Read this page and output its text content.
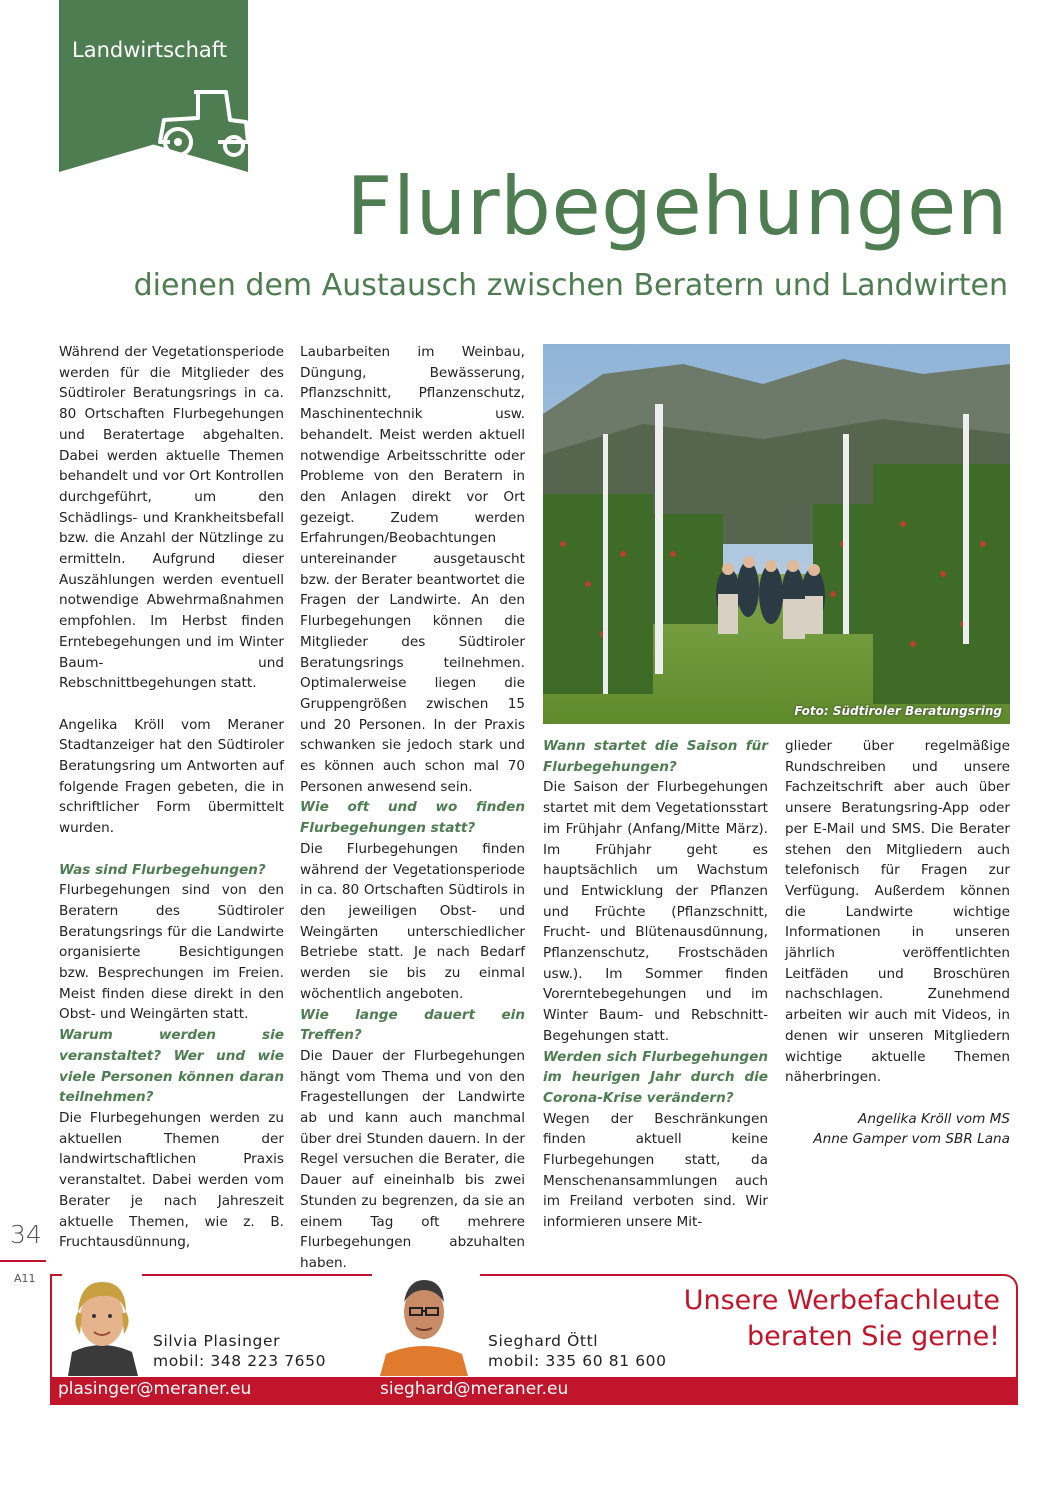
Landwirtschaft
Flurbegehungen
dienen dem Austausch zwischen Beratern und Landwirten

Während der Vegetationsperiode werden für die Mitglieder des Südtiroler Beratungsrings in ca. 80 Ortschaften Flurbegehungen und Beratertage abgehalten. Dabei werden aktuelle Themen behandelt und vor Ort Kontrollen durchgeführt, um den Schädlings- und Krankheitsbefall bzw. die Anzahl der Nützlinge zu ermitteln. Aufgrund dieser Auszählungen werden eventuell notwendige Abwehrmaßnahmen empfohlen. Im Herbst finden Erntebegehungen und im Winter Baum- und Rebschnittbegehungen statt.

Angelika Kröll vom Meraner Stadtanzeiger hat den Südtiroler Beratungsring um Antworten auf folgende Fragen gebeten, die in schriftlicher Form übermittelt wurden.

Was sind Flurbegehungen?

Flurbegehungen sind von den Beratern des Südtiroler Beratungsrings für die Landwirte organisierte Besichtigungen bzw. Besprechungen im Freien. Meist finden diese direkt in den Obst- und Weingärten statt.

Warum werden sie veranstaltet? Wer und wie viele Personen können daran teilnehmen?

Die Flurbegehungen werden zu aktuellen Themen der landwirtschaftlichen Praxis veranstaltet. Dabei werden vom Berater je nach Jahreszeit aktuelle Themen, wie z. B. Fruchtausdünnung,

Laubarbeiten im Weinbau, Düngung, Bewässerung, Pflanzschnitt, Pflanzenschutz, Maschinentechnik usw. behandelt. Meist werden aktuell notwendige Arbeitsschritte oder Probleme von den Beratern in den Anlagen direkt vor Ort gezeigt. Zudem werden Erfahrungen/Beobachtungen untereinander ausgetauscht bzw. der Berater beantwortet die Fragen der Landwirte. An den Flurbegehungen können die Mitglieder des Südtiroler Beratungsrings teilnehmen. Optimalerweise liegen die Gruppengrößen zwischen 15 und 20 Personen. In der Praxis schwanken sie jedoch stark und es können auch schon mal 70 Personen anwesend sein.

Wie oft und wo finden Flurbegehungen statt?

Die Flurbegehungen finden während der Vegetationsperiode in ca. 80 Ortschaften Südtirols in den jeweiligen Obst- und Weingärten unterschiedlicher Betriebe statt. Je nach Bedarf werden sie bis zu einmal wöchentlich angeboten.

Wie lange dauert ein Treffen?

Die Dauer der Flurbegehungen hängt vom Thema und von den Fragestellungen der Landwirte ab und kann auch manchmal über drei Stunden dauern. In der Regel versuchen die Berater, die Dauer auf eineinhalb bis zwei Stunden zu begrenzen, da sie an einem Tag oft mehrere Flurbegehungen abzuhalten haben.

Foto: Südtiroler Beratungsring

Wann startet die Saison für Flurbegehungen?

Die Saison der Flurbegehungen startet mit dem Vegetationsstart im Frühjahr (Anfang/Mitte März). Im Frühjahr geht es hauptsächlich um Wachstum und Entwicklung der Pflanzen und Früchte (Pflanzschnitt, Frucht- und Blütenausdünnung, Pflanzenschutz, Frostschäden usw.). Im Sommer finden Vorerntebegehungen und im Winter Baum- und Rebschnitt-Begehungen statt.

Werden sich Flurbegehungen im heurigen Jahr durch die Corona-Krise verändern?

Wegen der Beschränkungen finden aktuell keine Flurbegehungen statt, da Menschenansammlungen auch im Freiland verboten sind. Wir informieren unsere Mit-

glieder über regelmäßige Rundschreiben und unsere Fachzeitschrift aber auch über unsere Beratungsring-App oder per E-Mail und SMS. Die Berater stehen den Mitgliedern auch telefonisch für Fragen zur Verfügung. Außerdem können die Landwirte wichtige Informationen in unseren jährlich veröffentlichten Leitfäden und Broschüren nachschlagen. Zunehmend arbeiten wir auch mit Videos, in denen wir unseren Mitgliedern wichtige aktuelle Themen näherbringen.

Angelika Kröll vom MS

Anne Gamper vom SBR Lana

34
A11
Silvia Plasinger
mobil: 348 223 7650
plasinger@meraner.eu
Sieghard Öttl
mobil: 335 60 81 600
sieghard@meraner.eu
Unsere Werbefachleute
beraten Sie gerne!
